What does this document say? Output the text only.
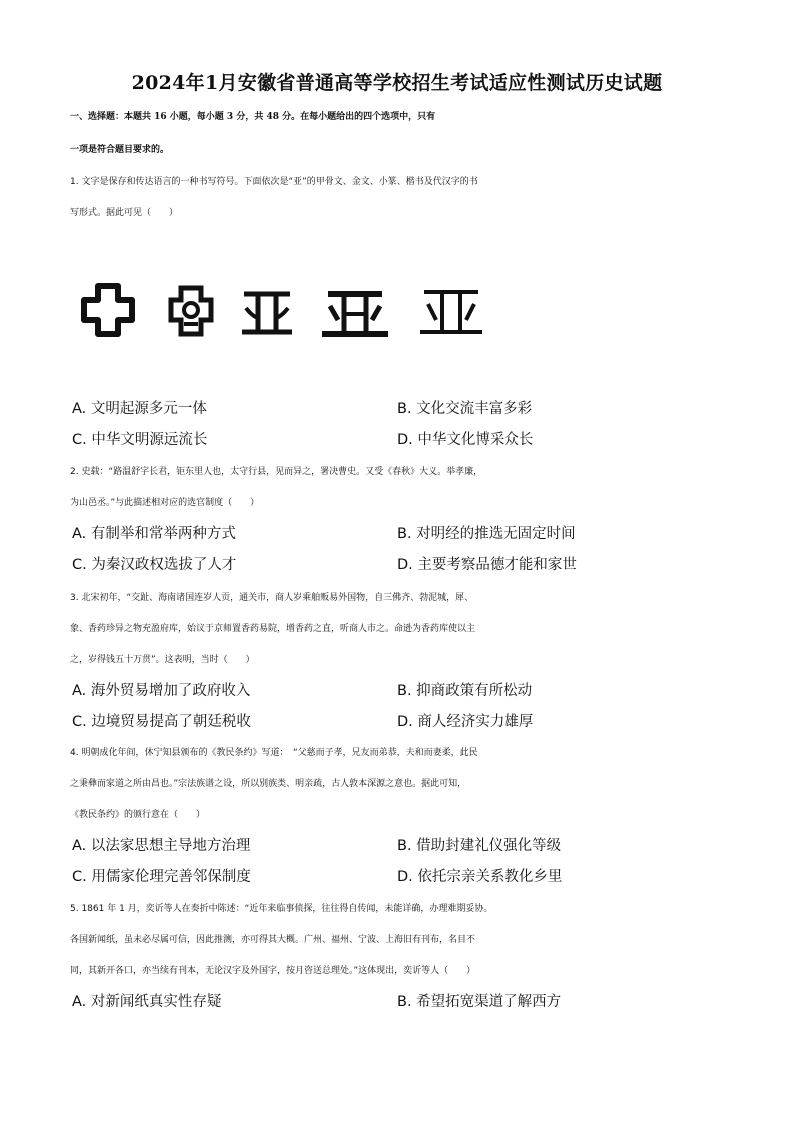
2024年1月安徽省普通高等学校招生考试适应性测试历史试题
一、选择题：本题共 16 小题，每小题 3 分，共 48 分。在每小题给出的四个选项中，只有
一项是符合题目要求的。
1. 文字是保存和传达语言的一种书写符号。下面依次是“亚”的甲骨文、金文、小篆、楷书及代汉字的书
写形式。据此可见（　　）
A. 文明起源多元一体	B. 文化交流丰富多彩
C. 中华文明源远流长	D. 中华文化博采众长
2. 史载：“路温舒字长君，钜东里人也，太守行县，见而异之，署决曹史。又受《春秋》大义。举孝廉，
为山邑丞。”与此描述相对应的选官制度（　　）
A. 有制举和常举两种方式	B. 对明经的推选无固定时间
C. 为秦汉政权选拔了人才	D. 主要考察品德才能和家世
3. 北宋初年，“交趾、海南诸国连岁人贡，通关市，商人岁乘舶贩易外国物，自三佛齐、勃泥城，犀、
象、香药珍异之物充盈府库，始议于京师置香药易院，增香药之直，听商人市之。命逊为香药库使以主
之，岁得钱五十万贯”。这表明，当时（　　）
A. 海外贸易增加了政府收入	B. 抑商政策有所松动
C. 边境贸易提高了朝廷税收	D. 商人经济实力雄厚
4. 明朝成化年间，休宁知县颁布的《教民条约》写道：　“父慈而子孝，兄友而弟恭，夫和而妻柔，此民
之秉彝而家道之所由昌也。”宗法族谱之设，所以别族类、明亲疏，古人敦本深源之意也。据此可知，
《教民条约》的颁行意在（　　）
A. 以法家思想主导地方治理	B. 借助封建礼仪强化等级
C. 用儒家伦理完善邻保制度	D. 依托宗亲关系教化乡里
5. 1861 年 1 月，奕䜣等人在奏折中陈述：“近年来临事侦探，往往得自传闻，未能详确，办理难期妥协。
各国新闻纸，虽未必尽属可信，因此推测，亦可得其大概。广州、福州、宁波、上海旧有刊布，名目不
同，其新开各口，亦当续有刊本，无论汉字及外国字，按月咨送总理处。”这体现出，奕䜣等人（　　）
A. 对新闻纸真实性存疑	B. 希望拓宽渠道了解西方
